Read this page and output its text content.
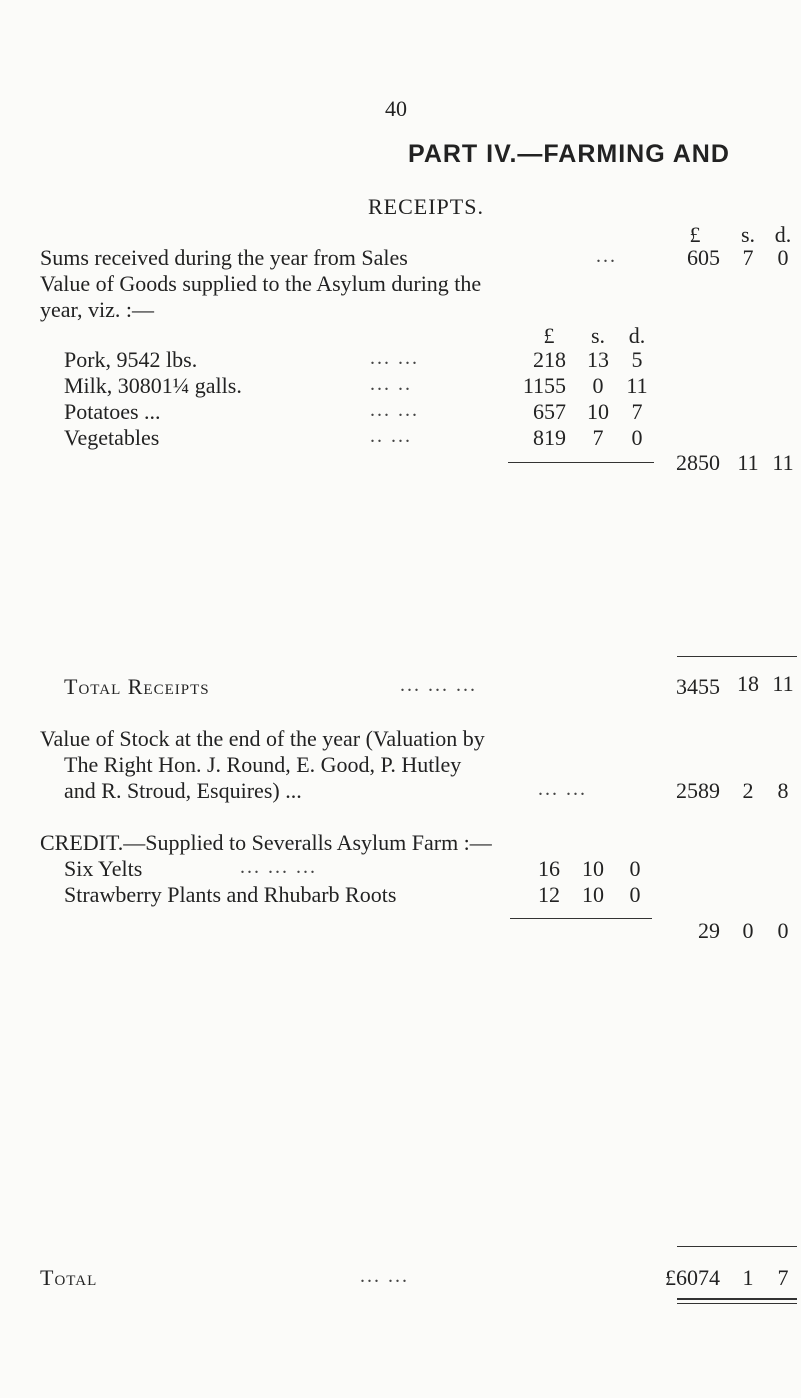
40
PART IV.—FARMING AND
RECEIPTS.
£	s. d.
Sums received during the year from Sales	...	605	7	0
Value of Goods supplied to the Asylum during the
year, viz. :—
£	s.	d.
Pork, 9542 lbs.	... ...	218 13	5
Milk, 30801¼ galls.	... ..	1155	0	11
Potatoes ...	... ...	657 10	7
Vegetables	.. ...	819	7	0
2850 11 11
Total Receipts	... ... ...	3455 18 11
Value of Stock at the end of the year (Valuation by
The Right Hon. J. Round, E. Good, P. Hutley
and R. Stroud, Esquires) ...	... ...	2589	2	8
CREDIT.—Supplied to Severalls Asylum Farm :—
Six Yelts	... ... ...	16 10	0
Strawberry Plants and Rhubarb Roots	12 10	0
29	0	0
Total	... ...	£6074	1	7
